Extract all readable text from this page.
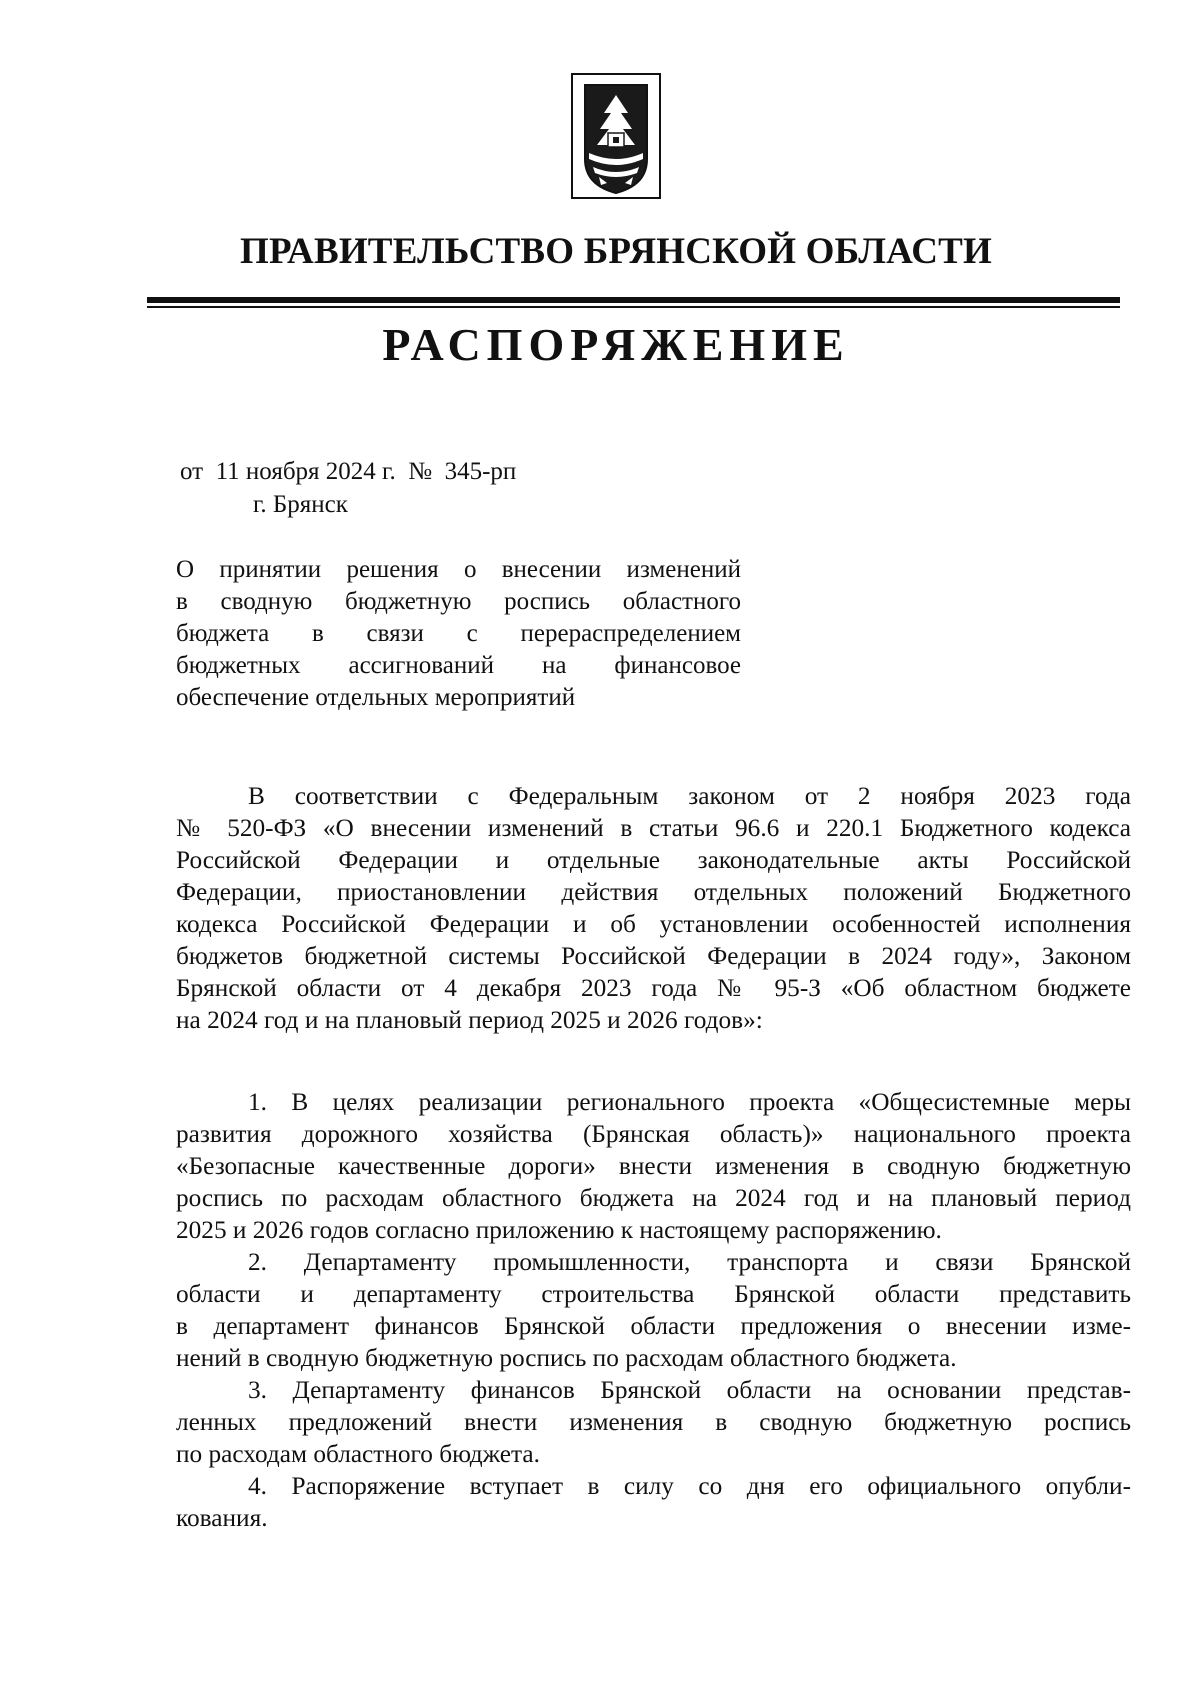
ПРАВИТЕЛЬСТВО БРЯНСКОЙ ОБЛАСТИ
РАСПОРЯЖЕНИЕ
от  11 ноября 2024 г.  №  345-рп
г. Брянск
О принятии решения о внесении изменений
в сводную бюджетную роспись областного
бюджета в связи с перераспределением
бюджетных ассигнований на финансовое
обеспечение отдельных мероприятий
В соответствии с Федеральным законом от 2 ноября 2023 года
№ 520-ФЗ «О внесении изменений в статьи 96.6 и 220.1 Бюджетного кодекса
Российской Федерации и отдельные законодательные акты Российской
Федерации, приостановлении действия отдельных положений Бюджетного
кодекса Российской Федерации и об установлении особенностей исполнения
бюджетов бюджетной системы Российской Федерации в 2024 году», Законом
Брянской области от 4 декабря 2023 года № 95-З «Об областном бюджете
на 2024 год и на плановый период 2025 и 2026 годов»:
1. В целях реализации регионального проекта «Общесистемные меры
развития дорожного хозяйства (Брянская область)» национального проекта
«Безопасные качественные дороги» внести изменения в сводную бюджетную
роспись по расходам областного бюджета на 2024 год и на плановый период
2025 и 2026 годов согласно приложению к настоящему распоряжению.
2. Департаменту промышленности, транспорта и связи Брянской
области и департаменту строительства Брянской области представить
в департамент финансов Брянской области предложения о внесении изме-
нений в сводную бюджетную роспись по расходам областного бюджета.
3. Департаменту финансов Брянской области на основании представ-
ленных предложений внести изменения в сводную бюджетную роспись
по расходам областного бюджета.
4. Распоряжение вступает в силу со дня его официального опубли-
кования.
